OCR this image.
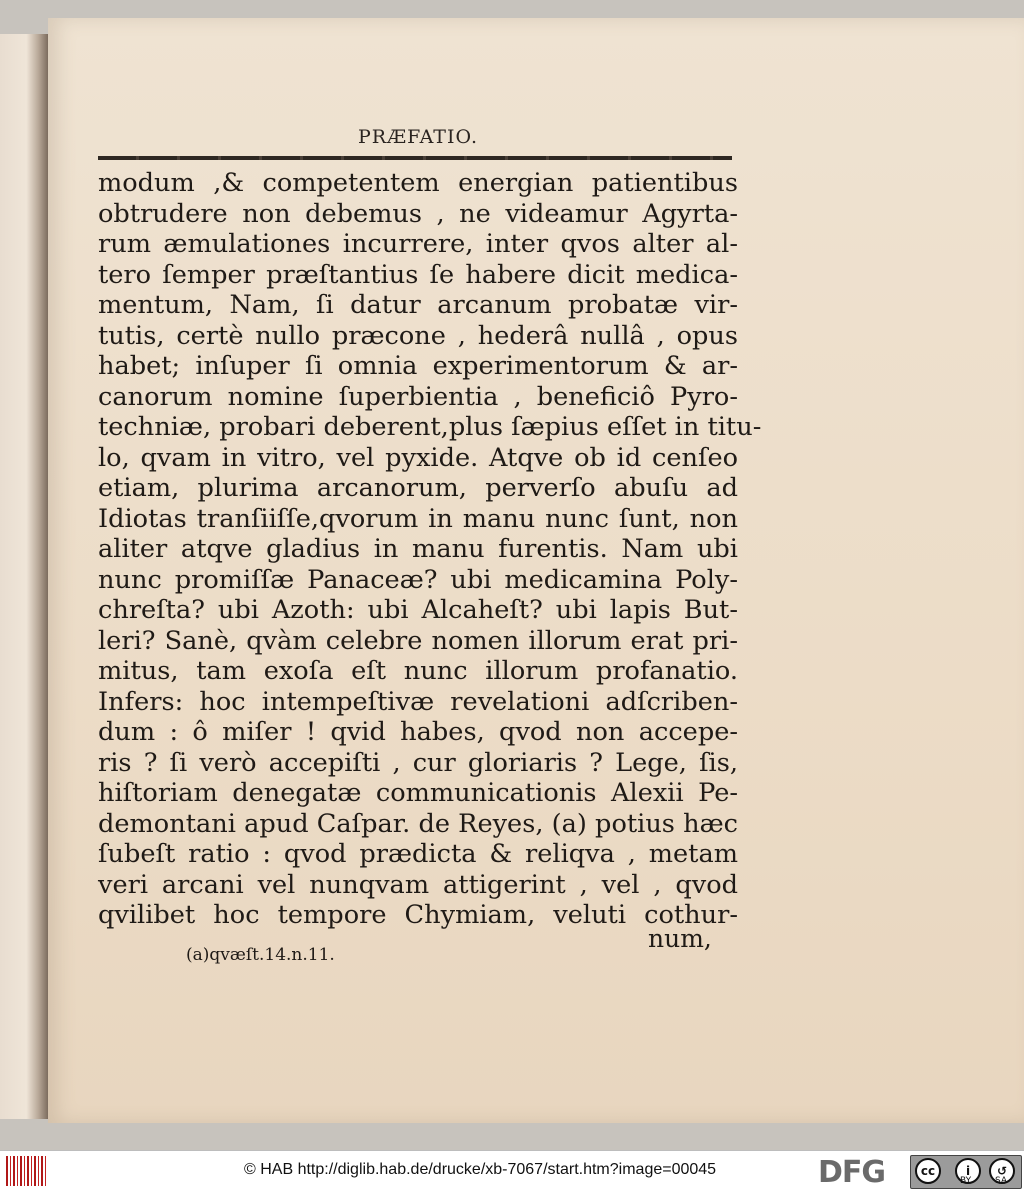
PRÆFATIO.
modum ,& competentem energian patientibus
obtrudere non debemus , ne videamur Agyrta-
rum æmulationes incurrere, inter qvos alter al-
tero ſemper præſtantius ſe habere dicit medica-
mentum, Nam, ſi datur arcanum probatæ vir-
tutis, certè nullo præcone , hederâ nullâ , opus
habet; inſuper ſi omnia experimentorum & ar-
canorum nomine ſuperbientia , beneficiô Pyro-
techniæ, probari deberent,plus ſæpius eſſet in titu-
lo, qvam in vitro, vel pyxide. Atqve ob id cenſeo
etiam, plurima arcanorum, perverſo abuſu ad
Idiotas tranſiiſſe,qvorum in manu nunc ſunt, non
aliter atqve gladius in manu furentis. Nam ubi
nunc promiſſæ Panaceæ? ubi medicamina Poly-
chreſta? ubi Azoth: ubi Alcaheſt? ubi lapis But-
leri? Sanè, qvàm celebre nomen illorum erat pri-
mitus, tam exoſa eſt nunc illorum profanatio.
Infers: hoc intempeſtivæ revelationi adſcriben-
dum : ô miſer ! qvid habes, qvod non accepe-
ris ? ſi verò accepiſti , cur gloriaris ? Lege, ſis,
hiſtoriam denegatæ communicationis Alexii Pe-
demontani apud Caſpar. de Reyes, (a) potius hæc
ſubeſt ratio : qvod prædicta & reliqva , metam
veri arcani vel nunqvam attigerint , vel , qvod
qvilibet hoc tempore Chymiam, veluti cothur-
num,
(a)qvæſt.14.n.11.
© HAB http://diglib.hab.de/drucke/xb-7067/start.htm?image=00045	DFG	cc	i	↺
BY	SA
